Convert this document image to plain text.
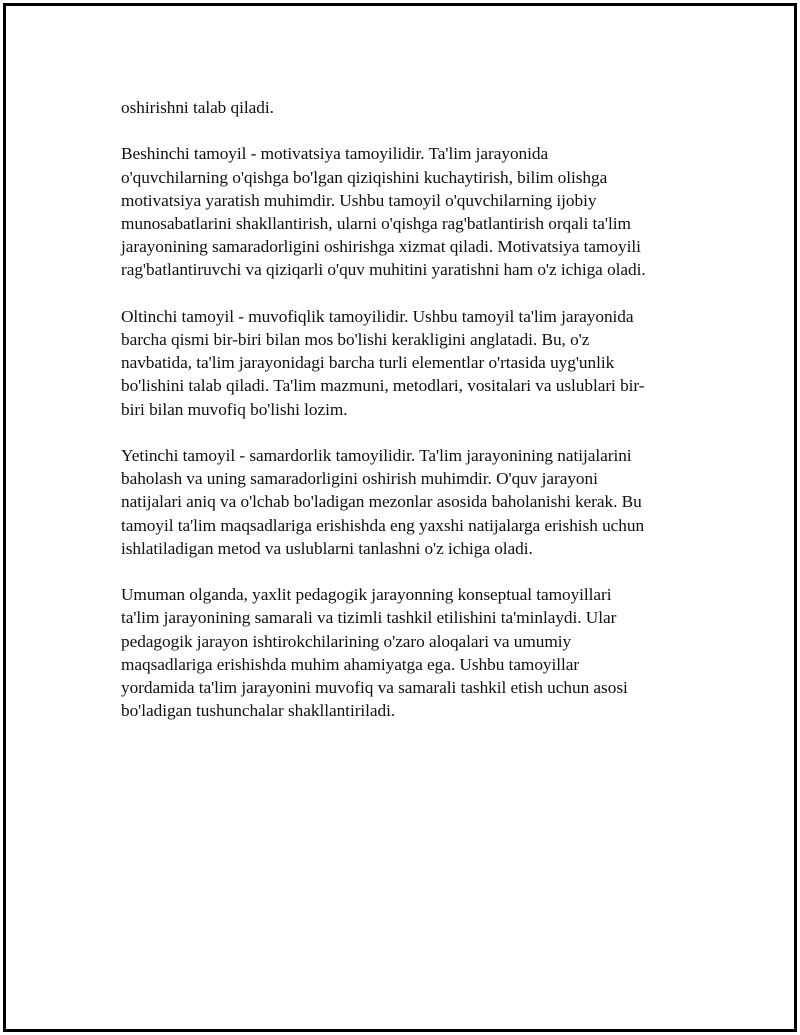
oshirishni talab qiladi.

Beshinchi tamoyil - motivatsiya tamoyilidir. Ta'lim jarayonida
o'quvchilarning o'qishga bo'lgan qiziqishini kuchaytirish, bilim olishga
motivatsiya yaratish muhimdir. Ushbu tamoyil o'quvchilarning ijobiy
munosabatlarini shakllantirish, ularni o'qishga rag'batlantirish orqali ta'lim
jarayonining samaradorligini oshirishga xizmat qiladi. Motivatsiya tamoyili
rag'batlantiruvchi va qiziqarli o'quv muhitini yaratishni ham o'z ichiga oladi.

Oltinchi tamoyil - muvofiqlik tamoyilidir. Ushbu tamoyil ta'lim jarayonida
barcha qismi bir-biri bilan mos bo'lishi kerakligini anglatadi. Bu, o'z
navbatida, ta'lim jarayonidagi barcha turli elementlar o'rtasida uyg'unlik
bo'lishini talab qiladi. Ta'lim mazmuni, metodlari, vositalari va uslublari bir-
biri bilan muvofiq bo'lishi lozim.

Yetinchi tamoyil - samardorlik tamoyilidir. Ta'lim jarayonining natijalarini
baholash va uning samaradorligini oshirish muhimdir. O'quv jarayoni
natijalari aniq va o'lchab bo'ladigan mezonlar asosida baholanishi kerak. Bu
tamoyil ta'lim maqsadlariga erishishda eng yaxshi natijalarga erishish uchun
ishlatiladigan metod va uslublarni tanlashni o'z ichiga oladi.

Umuman olganda, yaxlit pedagogik jarayonning konseptual tamoyillari
ta'lim jarayonining samarali va tizimli tashkil etilishini ta'minlaydi. Ular
pedagogik jarayon ishtirokchilarining o'zaro aloqalari va umumiy
maqsadlariga erishishda muhim ahamiyatga ega. Ushbu tamoyillar
yordamida ta'lim jarayonini muvofiq va samarali tashkil etish uchun asosi
bo'ladigan tushunchalar shakllantiriladi.
